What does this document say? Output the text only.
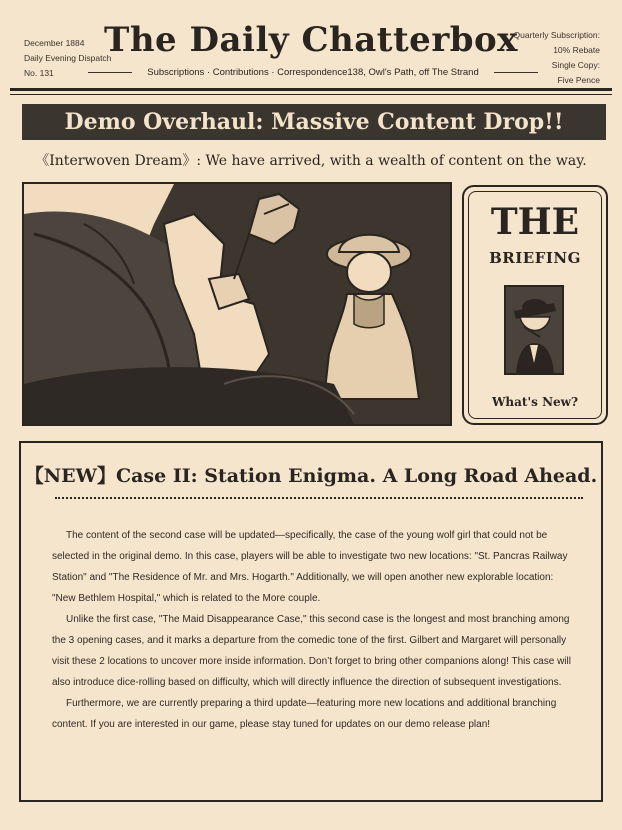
December 1884
Daily Evening Dispatch
No. 131
The Daily Chatterbox
Subscriptions · Contributions · Correspondence138, Owl's Path, off The Strand
Quarterly Subscription:
10% Rebate
Single Copy:
Five Pence
Demo Overhaul: Massive Content Drop!!
《Interwoven Dream》: We have arrived, with a wealth of content on the way.
THE
BRIEFING
What's New?
【NEW】Case II: Station Enigma. A Long Road Ahead.

The content of the second case will be updated—specifically, the case of the young wolf girl that could not be selected in the original demo. In this case, players will be able to investigate two new locations: "St. Pancras Railway Station" and "The Residence of Mr. and Mrs. Hogarth." Additionally, we will open another new explorable location: "New Bethlem Hospital," which is related to the More couple.

Unlike the first case, "The Maid Disappearance Case," this second case is the longest and most branching among the 3 opening cases, and it marks a departure from the comedic tone of the first. Gilbert and Margaret will personally visit these 2 locations to uncover more inside information. Don’t forget to bring other companions along! This case will also introduce dice-rolling based on difficulty, which will directly influence the direction of subsequent investigations.

Furthermore, we are currently preparing a third update—featuring more new locations and additional branching content. If you are interested in our game, please stay tuned for updates on our demo release plan!
